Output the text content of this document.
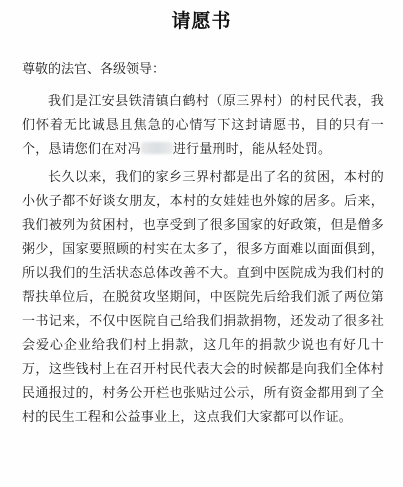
请愿书

尊敬的法官、各级领导：

我们是江安县铁清镇白鹤村（原三界村）的村民代表，我们怀着无比诚恳且焦急的心情写下这封请愿书，目的只有一个，恳请您们在对冯 进行量刑时，能从轻处罚。

长久以来，我们的家乡三界村都是出了名的贫困，本村的小伙子都不好谈女朋友，本村的女娃娃也外嫁的居多。后来，我们被列为贫困村，也享受到了很多国家的好政策，但是僧多粥少，国家要照顾的村实在太多了，很多方面难以面面俱到，所以我们的生活状态总体改善不大。直到中医院成为我们村的帮扶单位后，在脱贫攻坚期间，中医院先后给我们派了两位第一书记来，不仅中医院自己给我们捐款捐物，还发动了很多社会爱心企业给我们村上捐款，这几年的捐款少说也有好几十万，这些钱村上在召开村民代表大会的时候都是向我们全体村民通报过的，村务公开栏也张贴过公示，所有资金都用到了全村的民生工程和公益事业上，这点我们大家都可以作证。
